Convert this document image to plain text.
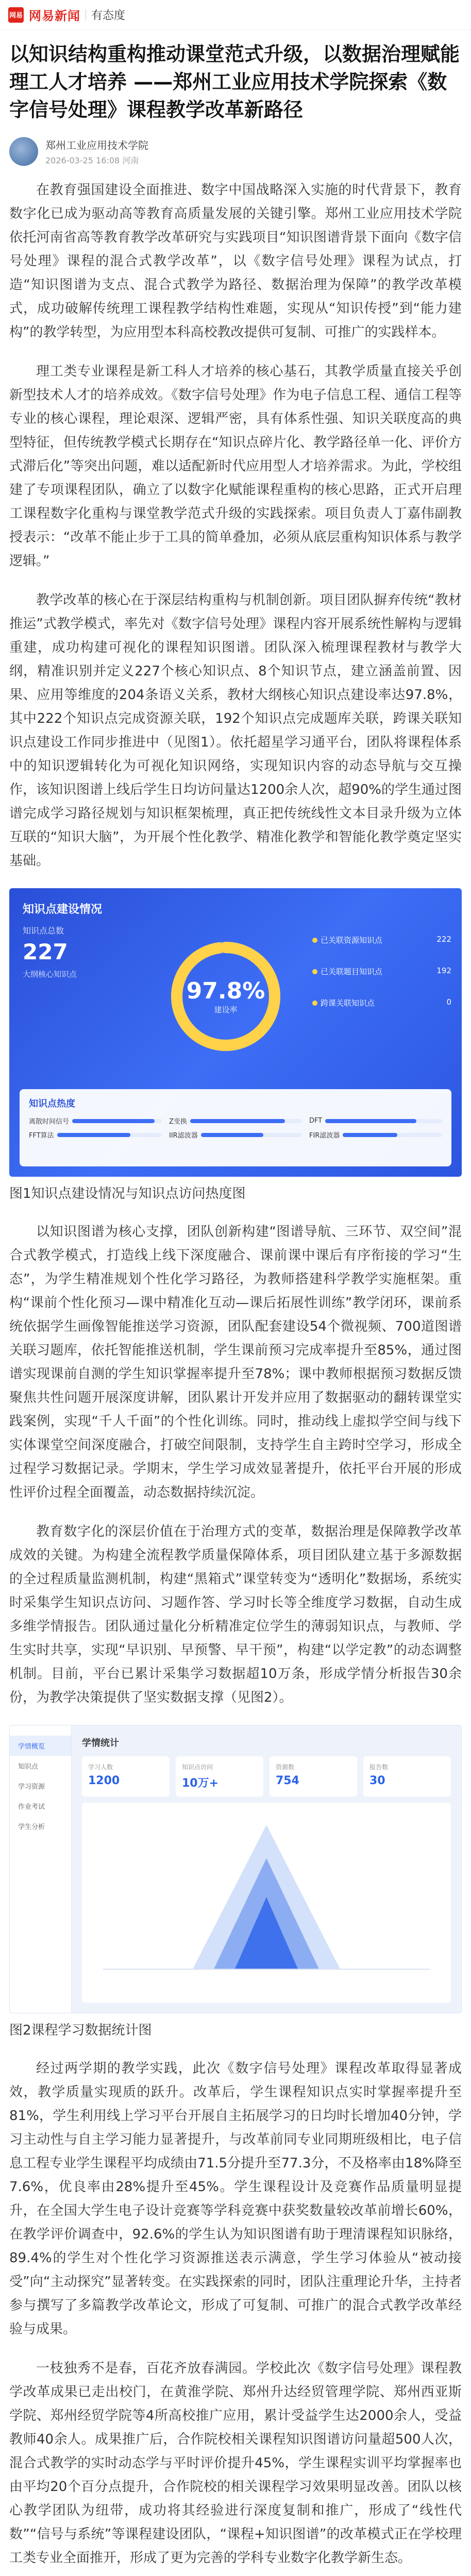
网易 网易新闻 有态度
以知识结构重构推动课堂范式升级，以数据治理赋能理工人才培养 ——郑州工业应用技术学院探索《数字信号处理》课程教学改革新路径
郑州工业应用技术学院
2026-03-25 16:08 河南

在教育强国建设全面推进、数字中国战略深入实施的时代背景下，教育数字化已成为驱动高等教育高质量发展的关键引擎。郑州工业应用技术学院依托河南省高等教育教学改革研究与实践项目“知识图谱背景下面向《数字信号处理》课程的混合式教学改革”，以《数字信号处理》课程为试点，打造“知识图谱为支点、混合式教学为路径、数据治理为保障”的教学改革模式，成功破解传统理工课程教学结构性难题，实现从“知识传授”到“能力建构”的教学转型，为应用型本科高校教改提供可复制、可推广的实践样本。

理工类专业课程是新工科人才培养的核心基石，其教学质量直接关乎创新型技术人才的培养成效。《数字信号处理》作为电子信息工程、通信工程等专业的核心课程，理论艰深、逻辑严密，具有体系性强、知识关联度高的典型特征，但传统教学模式长期存在“知识点碎片化、教学路径单一化、评价方式滞后化”等突出问题，难以适配新时代应用型人才培养需求。为此，学校组建了专项课程团队，确立了以数字化赋能课程重构的核心思路，正式开启理工课程数字化重构与课堂教学范式升级的实践探索。项目负责人丁嘉伟副教授表示：“改革不能止步于工具的简单叠加，必须从底层重构知识体系与教学逻辑。”

教学改革的核心在于深层结构重构与机制创新。项目团队摒弃传统“教材推运”式教学模式，率先对《数字信号处理》课程内容开展系统性解构与逻辑重建，成功构建可视化的课程知识图谱。团队深入梳理课程教材与教学大纲，精准识别并定义227个核心知识点、8个知识节点，建立涵盖前置、因果、应用等维度的204条语义关系，教材大纲核心知识点建设率达97.8%，其中222个知识点完成资源关联，192个知识点完成题库关联，跨课关联知识点建设工作同步推进中（见图1）。依托超星学习通平台，团队将课程体系中的知识逻辑转化为可视化知识网络，实现知识内容的动态导航与交互操作，该知识图谱上线后学生日均访问量达1200余人次，超90%的学生通过图谱完成学习路径规划与知识框架梳理，真正把传统线性文本目录升级为立体互联的“知识大脑”，为开展个性化教学、精准化教学和智能化教学奠定坚实基础。

知识点建设情况
知识点总数
227
大纲核心知识点
97.8%
建设率
已关联资源知识点	222
已关联题目知识点	192
跨课关联知识点	0
知识点热度
离散时间信号	Z变换	DFT
FFT算法	IIR滤波器	FIR滤波器

图1知识点建设情况与知识点访问热度图

以知识图谱为核心支撑，团队创新构建“图谱导航、三环节、双空间”混合式教学模式，打造线上线下深度融合、课前课中课后有序衔接的学习“生态”，为学生精准规划个性化学习路径，为教师搭建科学教学实施框架。重构“课前个性化预习—课中精准化互动—课后拓展性训练”教学闭环，课前系统依据学生画像智能推送学习资源，团队配套建设54个微视频、700道图谱关联习题库，依托智能推送机制，学生课前预习完成率提升至85%，通过图谱实现课前自测的学生知识掌握率提升至78%；课中教师根据预习数据反馈聚焦共性问题开展深度讲解，团队累计开发并应用了数据驱动的翻转课堂实践案例，实现“千人千面”的个性化训练。同时，推动线上虚拟学空间与线下实体课堂空间深度融合，打破空间限制，支持学生自主跨时空学习，形成全过程学习数据记录。学期末，学生学习成效显著提升，依托平台开展的形成性评价过程全面覆盖，动态数据持续沉淀。

教育数字化的深层价值在于治理方式的变革，数据治理是保障教学改革成效的关键。为构建全流程教学质量保障体系，项目团队建立基于多源数据的全过程质量监测机制，构建“黑箱式”课堂转变为“透明化”数据场，系统实时采集学生知识点访问、习题作答、学习时长等全维度学习数据，自动生成多维学情报告。团队通过量化分析精准定位学生的薄弱知识点，与教师、学生实时共享，实现“早识别、早预警、早干预”，构建“以学定教”的动态调整机制。目前，平台已累计采集学习数据超10万条，形成学情分析报告30余份，为教学决策提供了坚实数据支撑（见图2）。

学情概览
知识点
学习资源
作业考试
学生分析
学情统计
学习人数
1200
知识点访问
10万+
资源数
754
报告数
30

图2课程学习数据统计图

经过两学期的教学实践，此次《数字信号处理》课程改革取得显著成效，教学质量实现质的跃升。改革后，学生课程知识点实时掌握率提升至81%，学生利用线上学习平台开展自主拓展学习的日均时长增加40分钟，学习主动性与自主学习能力显著提升，与改革前同专业同期班级相比，电子信息工程专业学生课程平均成绩由71.5分提升至77.3分，不及格率由18%降至7.6%，优良率由28%提升至45%。学生课程设计及竞赛作品质量明显提升，在全国大学生电子设计竞赛等学科竞赛中获奖数量较改革前增长60%，在教学评价调查中，92.6%的学生认为知识图谱有助于理清课程知识脉络，89.4%的学生对个性化学习资源推送表示满意，学生学习体验从“被动接受”向“主动探究”显著转变。在实践探索的同时，团队注重理论升华，主持者参与撰写了多篇教学改革论文，形成了可复制、可推广的混合式教学改革经验与成果。

一枝独秀不是春，百花齐放春满园。学校此次《数字信号处理》课程教学改革成果已走出校门，在黄淮学院、郑州升达经贸管理学院、郑州西亚斯学院、郑州经贸学院等4所高校推广应用，累计受益学生达2000余人，受益教师40余人。成果推广后，合作院校相关课程知识图谱访问量超500人次，混合式教学的实时动态学与平时评价提升45%，学生课程实训平均掌握率也由平均20个百分点提升，合作院校的相关课程学习效果明显改善。团队以核心教学团队为纽带，成功将其经验进行深度复制和推广，形成了“线性代数”“信号与系统”等课程建设团队，“课程+知识图谱”的改革模式正在学校理工类专业全面推开，形成了更为完善的学科专业数字化教学新生态。
